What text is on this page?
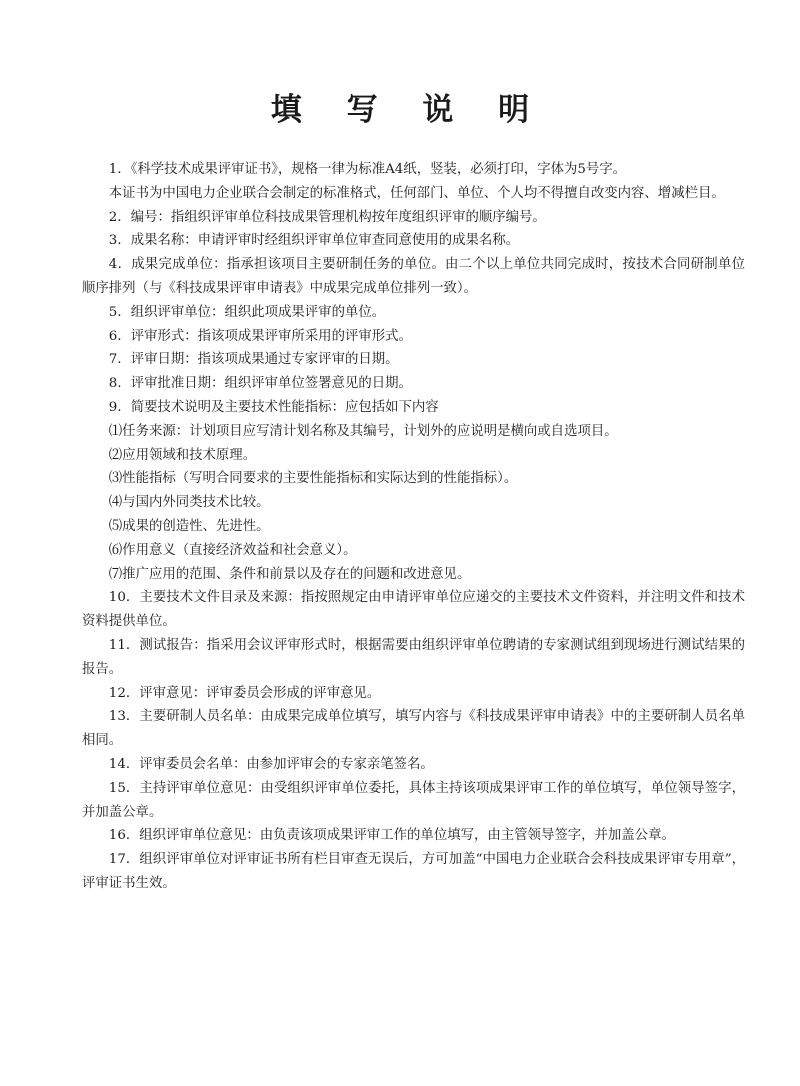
填 写 说 明

1．《科学技术成果评审证书》，规格一律为标准A4纸，竖装，必须打印，字体为5号字。

本证书为中国电力企业联合会制定的标准格式，任何部门、单位、个人均不得擅自改变内容、增减栏目。

2．编号：指组织评审单位科技成果管理机构按年度组织评审的顺序编号。

3．成果名称：申请评审时经组织评审单位审查同意使用的成果名称。

4．成果完成单位：指承担该项目主要研制任务的单位。由二个以上单位共同完成时，按技术合同研制单位顺序排列（与《科技成果评审申请表》中成果完成单位排列一致）。

5．组织评审单位：组织此项成果评审的单位。

6．评审形式：指该项成果评审所采用的评审形式。

7．评审日期：指该项成果通过专家评审的日期。

8．评审批准日期：组织评审单位签署意见的日期。

9．简要技术说明及主要技术性能指标：应包括如下内容

⑴任务来源：计划项目应写清计划名称及其编号，计划外的应说明是横向或自选项目。

⑵应用领域和技术原理。

⑶性能指标（写明合同要求的主要性能指标和实际达到的性能指标）。

⑷与国内外同类技术比较。

⑸成果的创造性、先进性。

⑹作用意义（直接经济效益和社会意义）。

⑺推广应用的范围、条件和前景以及存在的问题和改进意见。

10．主要技术文件目录及来源：指按照规定由申请评审单位应递交的主要技术文件资料，并注明文件和技术资料提供单位。

11．测试报告：指采用会议评审形式时，根据需要由组织评审单位聘请的专家测试组到现场进行测试结果的报告。

12．评审意见：评审委员会形成的评审意见。

13．主要研制人员名单：由成果完成单位填写，填写内容与《科技成果评审申请表》中的主要研制人员名单相同。

14．评审委员会名单：由参加评审会的专家亲笔签名。

15．主持评审单位意见：由受组织评审单位委托，具体主持该项成果评审工作的单位填写，单位领导签字，并加盖公章。

16．组织评审单位意见：由负责该项成果评审工作的单位填写，由主管领导签字，并加盖公章。

17．组织评审单位对评审证书所有栏目审查无误后，方可加盖“中国电力企业联合会科技成果评审专用章”，评审证书生效。
